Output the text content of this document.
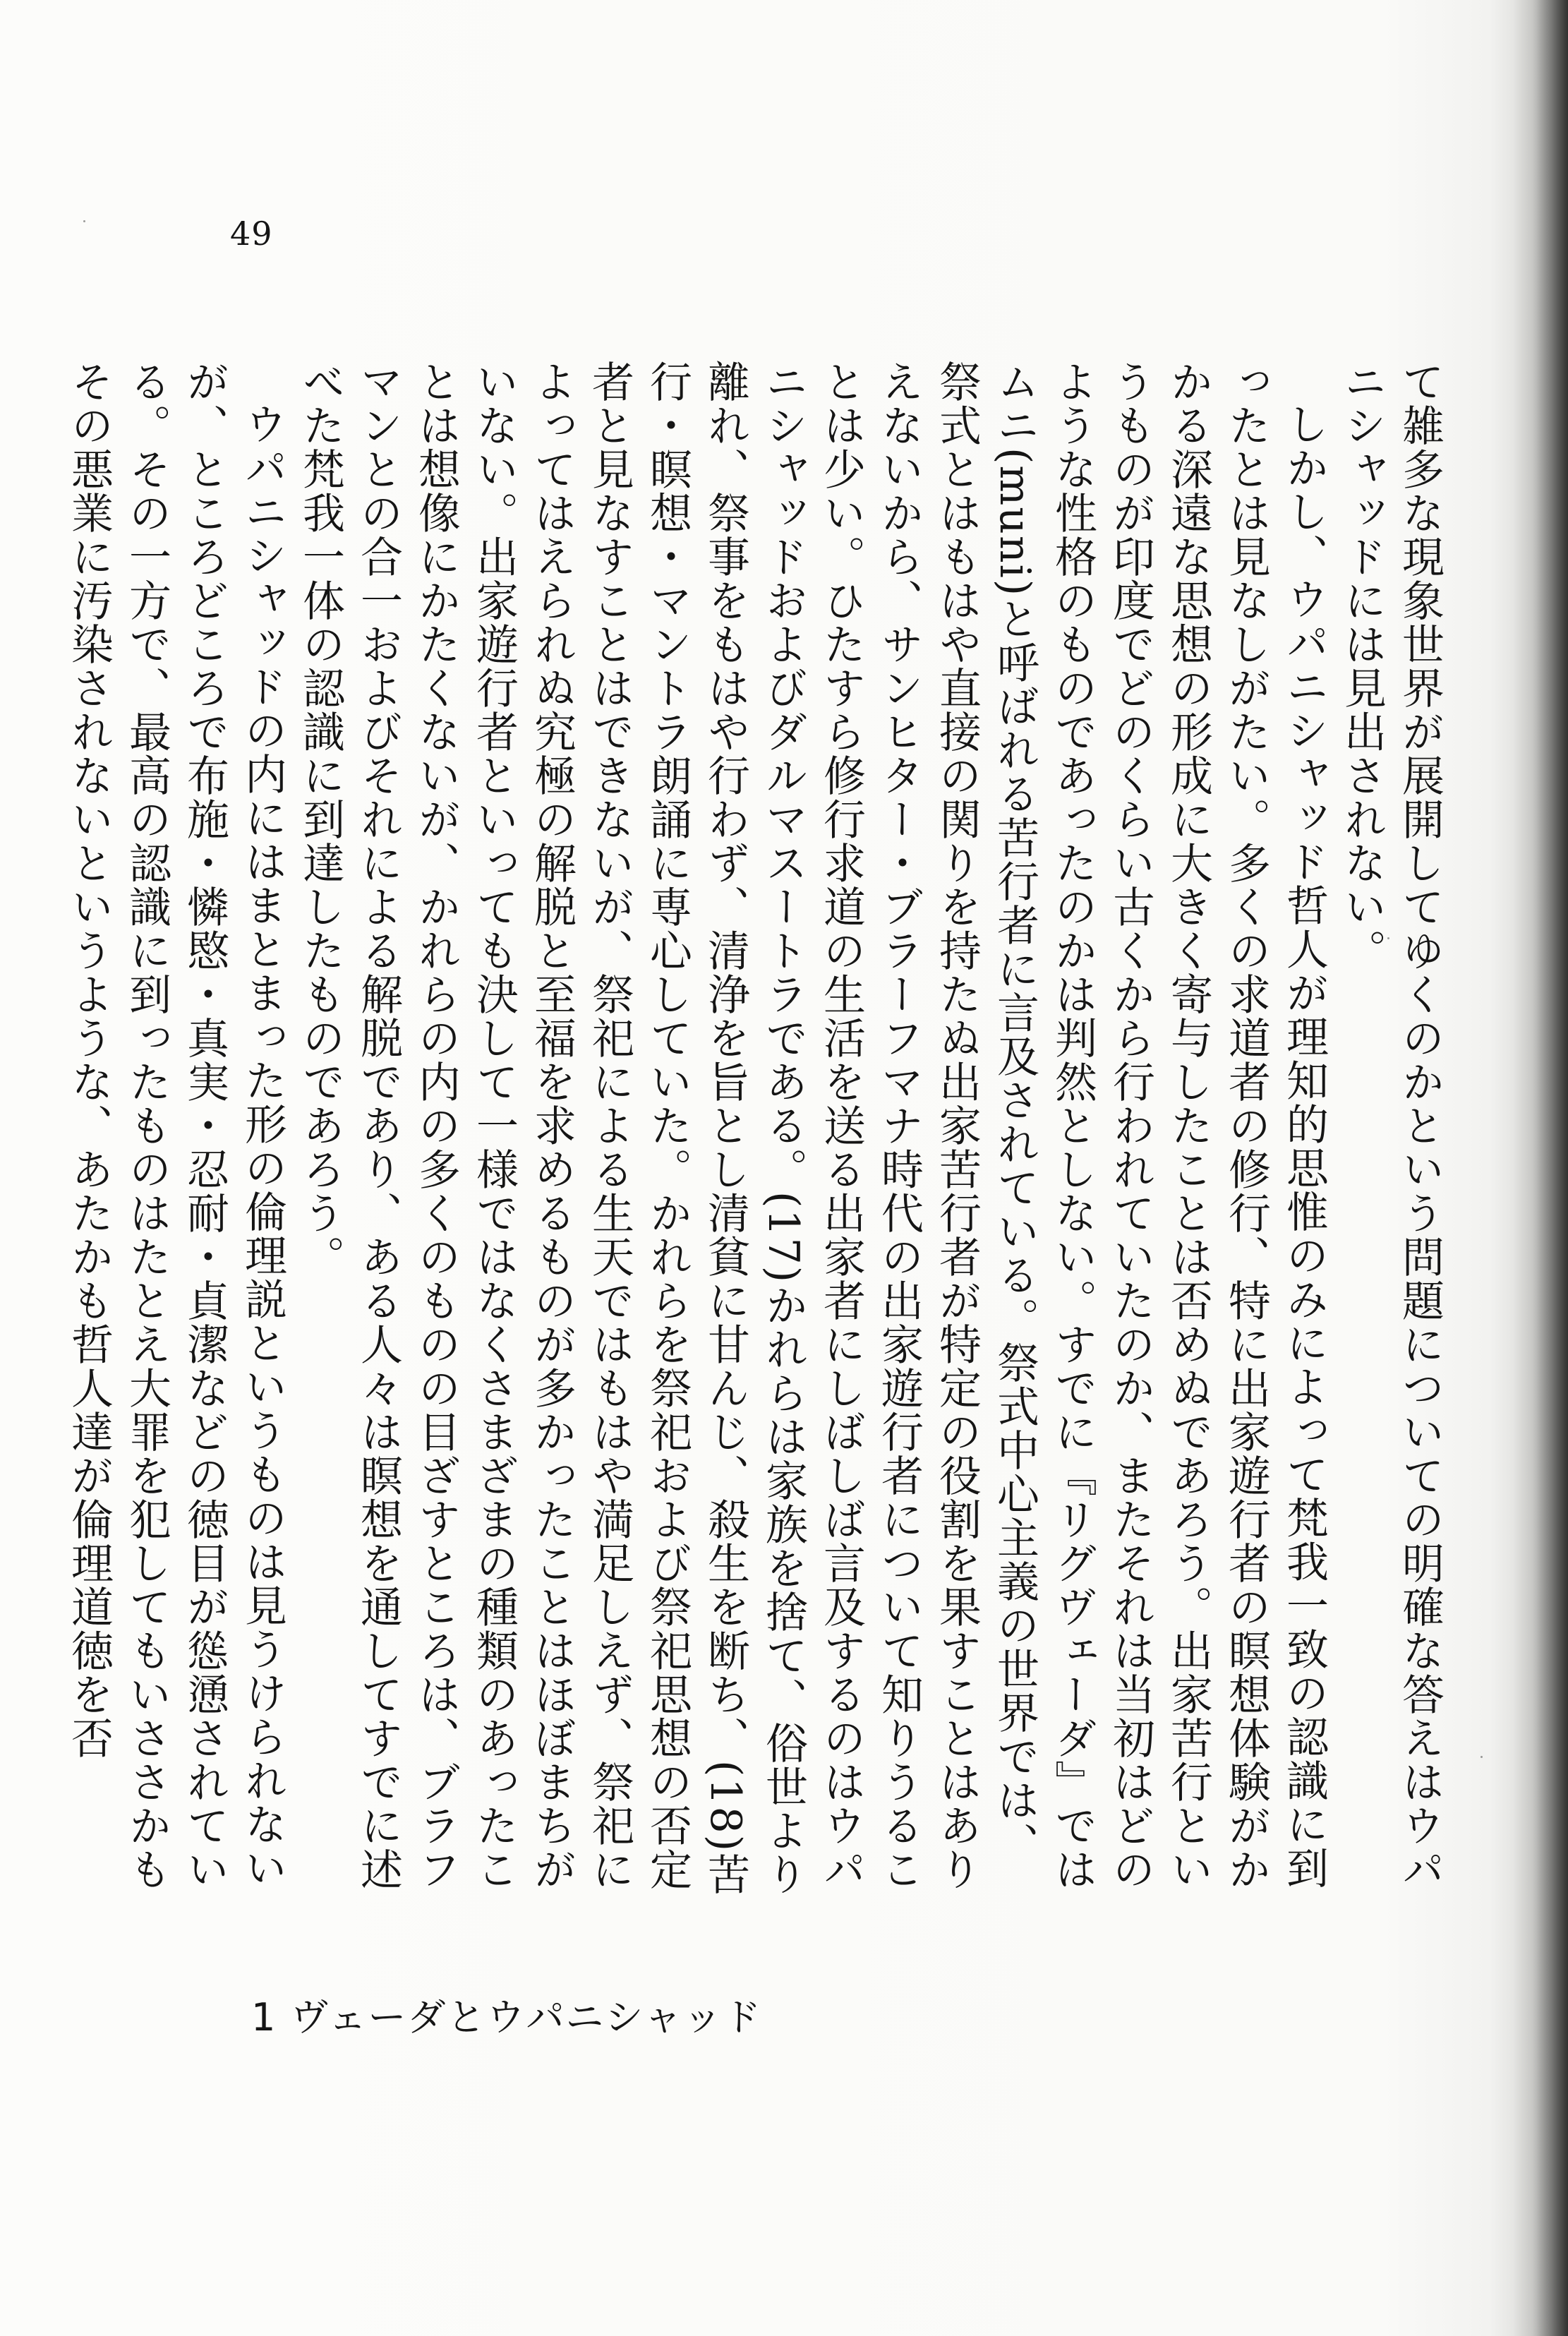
49

て雑多な現象世界が展開してゆくのかという問題についての明確な答えはウパニシャッドには見出されない。

しかし、ウパニシャッド哲人が理知的思惟のみによって梵我一致の認識に到ったとは見なしがたい。多くの求道者の修行、特に出家遊行者の瞑想体験がかかる深遠な思想の形成に大きく寄与したことは否めぬであろう。出家苦行というものが印度でどのくらい古くから行われていたのか、またそれは当初はどのような性格のものであったのかは判然としない。すでに『リグヴェーダ』ではムニ(muni)と呼ばれる苦行者に言及されている。祭式中心主義の世界では、祭式とはもはや直接の関りを持たぬ出家苦行者が特定の役割を果すことはありえないから、サンヒター・ブラーフマナ時代の出家遊行者について知りうることは少い。ひたすら修行求道の生活を送る出家者にしばしば言及するのはウパニシャッドおよびダルマスートラである。(17)かれらは家族を捨て、俗世より離れ、祭事をもはや行わず、清浄を旨とし清貧に甘んじ、殺生を断ち、(18)苦行・瞑想・マントラ朗誦に専心していた。かれらを祭祀および祭祀思想の否定者と見なすことはできないが、祭祀による生天ではもはや満足しえず、祭祀によってはえられぬ究極の解脱と至福を求めるものが多かったことはほぼまちがいない。出家遊行者といっても決して一様ではなくさまざまの種類のあったことは想像にかたくないが、かれらの内の多くのものの目ざすところは、ブラフマンとの合一およびそれによる解脱であり、ある人々は瞑想を通してすでに述べた梵我一体の認識に到達したものであろう。

ウパニシャッドの内にはまとまった形の倫理説というものは見うけられないが、ところどころで布施・憐愍・真実・忍耐・貞潔などの徳目が慫慂されている。その一方で、最高の認識に到ったものはたとえ大罪を犯してもいささかもその悪業に汚染されないというような、あたかも哲人達が倫理道徳を否

1 ヴェーダとウパニシャッド
